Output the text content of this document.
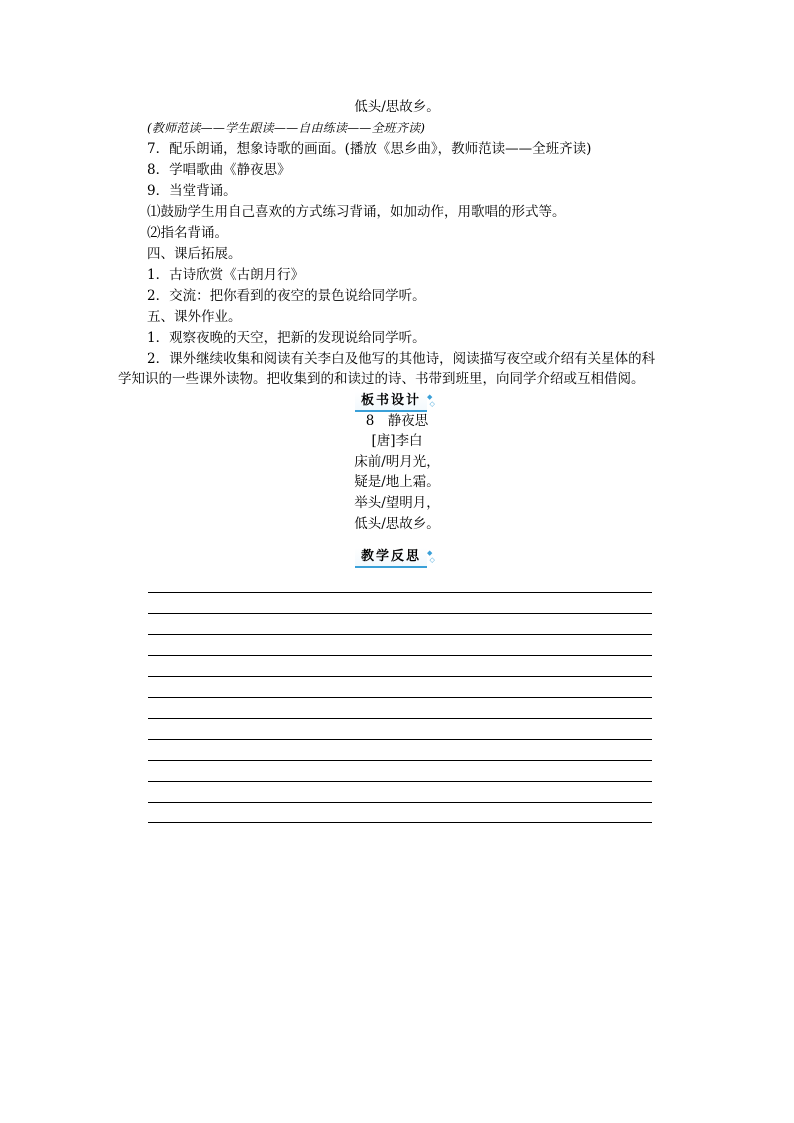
低头/思故乡。
(教师范读——学生跟读——自由练读——全班齐读)
7．配乐朗诵，想象诗歌的画面。(播放《思乡曲》，教师范读——全班齐读)
8．学唱歌曲《静夜思》
9．当堂背诵。
⑴鼓励学生用自己喜欢的方式练习背诵，如加动作，用歌唱的形式等。
⑵指名背诵。
四、课后拓展。
1．古诗欣赏《古朗月行》
2．交流：把你看到的夜空的景色说给同学听。
五、课外作业。
1．观察夜晚的天空，把新的发现说给同学听。
2．课外继续收集和阅读有关李白及他写的其他诗，阅读描写夜空或介绍有关星体的科
学知识的一些课外读物。把收集到的和读过的诗、书带到班里，向同学介绍或互相借阅。
板书设计 ◆
◇
8　静夜思
[唐]李白
床前/明月光，
疑是/地上霜。
举头/望明月，
低头/思故乡。
教学反思 ◆
◇
